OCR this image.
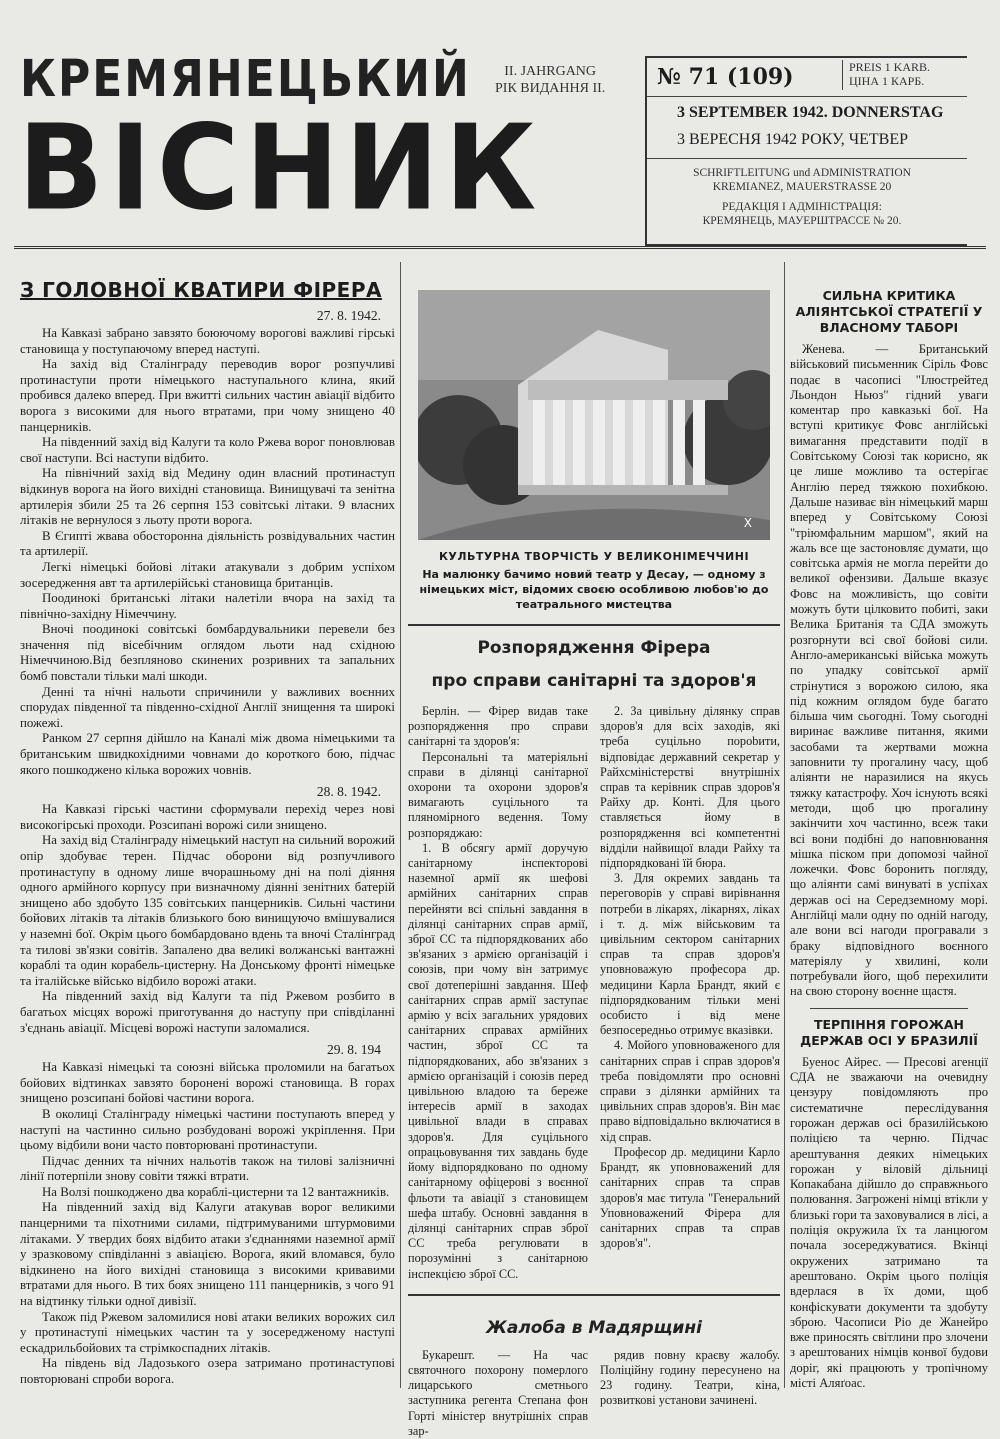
КРЕМЯНЕЦЬКИЙ
ВІСНИК
II. JAHRGANG
РІК ВИДАННЯ II. № 71 (109)	PREIS 1 KARB.
ЦІНА 1 КАРБ.
3 SEPTEMBER 1942. DONNERSTAG
3 ВЕРЕСНЯ 1942 РОКУ, ЧЕТВЕР
SCHRIFTLEITUNG und ADMINISTRATION
KREMIANEZ, MAUERSTRASSE 20
РЕДАКЦІЯ І АДМІНІСТРАЦІЯ:
КРЕМЯНЕЦЬ, МАУЕРШТРАССЕ № 20.
З ГОЛОВНОЇ КВАТИРИ ФІРЕРА
27. 8. 1942.

На Кавказі забрано завзято боюючому ворогові важливі гірські становища у поступаючому вперед наступі.

На захід від Сталінграду переводив ворог розпучливі протинаступи проти німецького наступального клина, який пробився далеко вперед. При вжитті сильних частин авіації відбито ворога з високими для нього втратами, при чому знищено 40 панцерників.

На південний захід від Калуги та коло Ржева ворог поновлював свої наступи. Всі наступи відбито.

На північний захід від Медину один власний протинаступ відкинув ворога на його вихідні становища. Винищувачі та зенітна артилерія збили 25 та 26 серпня 153 совітські літаки. 9 власних літаків не вернулося з льоту проти ворога.

В Єгипті жвава обосторонна діяльність розвідувальних частин та артилерії.

Легкі німецькі бойові літаки атакували з добрим успіхом зосередження авт та артилерійські становища британців.

Поодинокі британські літаки налетіли вчора на захід та північно-західну Німеччину.

Вночі поодинокі совітські бомбардувальники перевели без значення під вісебічним оглядом льоти над східною Німеччиною.Від безпляново скинених розривних та запальних бомб повстали тільки малі шкоди.

Денні та нічні нальоти спричинили у важливих воєнних спорудах південної та південно-східної Англії знищення та широкі пожежі.

Ранком 27 серпня дійшло на Каналі між двома німецькими та британським швидкохідними човнами до короткого бою, підчас якого пошкоджено кілька ворожих човнів.

28. 8. 1942.

На Кавказі гірські частини сформували перехід через нові високогірські проходи. Розсипані ворожі сили знищено.

На захід від Сталінграду німецький наступ на сильний ворожий опір здобуває терен. Підчас оборони від розпучливого протинаступу в одному лише вчорашньому дні на полі діяння одного армійного корпусу при визначному діянні зенітних батерій знищено або здобуто 135 совітських панцерників. Сильні частини бойових літаків та літаків близького бою винищуючо вмішувалися у наземні бої. Окрім цього бомбардовано вдень та вночі Сталінград та тилові зв'язки совітів. Запалено два великі волжанські вантажні кораблі та один корабель-цистерну. На Донському фронті німецьке та італійське військо відбило ворожі атаки.

На південний захід від Калуги та під Ржевом розбито в багатьох місцях ворожі приготування до наступу при співділанні з'єднань авіації. Місцеві ворожі наступи заломалися.

29. 8. 194

На Кавказі німецькі та союзні війська проломили на багатьох бойових відтинках завзято боронені ворожі становища. В горах знищено розсипані бойові частини ворога.

В околиці Сталінграду німецькі частини поступають вперед у наступі на частинно сильно розбудовані ворожі укріплення. При цьому відбили вони часто повторювані протинаступи.

Підчас денних та нічних нальотів також на тилові залізничні лінії потерпіли знову совіти тяжкі втрати.

На Волзі пошкоджено два кораблі-цистерни та 12 вантажників.

На південний захід від Калуги атакував ворог великими панцерними та піхотними силами, підтримуваними штурмовими літаками. У твердих боях відбито атаки з'єднаннями наземної армії у зразковому співділанні з авіацією. Ворога, який вломався, було відкинено на його вихідні становища з високими кривавими втратами для нього. В тих боях знищено 111 панцерників, з чого 91 на відтинку тільки одної дивізії.

Також під Ржевом заломилися нові атаки великих ворожих сил у протинаступі німецьких частин та у зосередженому наступі ескадрильбойових та стрімкоспадних літаків.

На південь від Ладозького озера затримано протинаступові повторювані спроби ворога.

Х
КУЛЬТУРНА ТВОРЧІСТЬ У ВЕЛИКОНІМЕЧЧИНІ
На малюнку бачимо новий театр у Десау, — одному з німецьких міст, відомих своєю особливою любов'ю до театрального мистецтва
Розпорядження Фірера
про справи санітарні та здоров'я

Берлін. — Фірер видав таке розпорядження про справи санітарні та здоров'я:

Персональні та матеріяльні справи в ділянці санітарної охорони та охорони здоров'я вимагають суцільного та пляномірного ведення. Тому розпоряджаю:

1. В обсягу армії доручую санітарному інспекторові наземної армії як шефові армійних санітарних справ перейняти всі спільні завдання в ділянці санітарних справ армії, зброї СС та підпорядкованих або зв'язаних з армією організацій і союзів, при чому він затримує свої дотеперішні завдання. Шеф санітарних справ армії заступає армію у всіх загальних урядових санітарних справах армійних частин, зброї СС та підпорядкованих, або зв'язаних з армією організацій і союзів перед цивільною владою та береже інтересів армії в заходах цивільної влади в справах здоров'я. Для суцільного опрацьовування тих завдань буде йому відпорядковано по одному санітарному офіцерові з воєнної фльоти та авіації з становищем шефа штабу. Основні завдання в ділянці санітарних справ зброї СС треба регулювати в порозумінні з санітарною інспекцією зброї СС.

2. За цивільну ділянку справ здоров'я для всіх заходів, які треба суцільно порobити, відповідає державний секретар у Райхсміністерстві внутрішніх справ та керівник справ здоров'я Райху др. Конті. Для цього ставляється йому в розпорядження всі компетентні відділи найвищої влади Райху та підпорядковані їй бюра.

3. Для окремих завдань та переговорів у справі вирівнання потреби в лікарях, лікарнях, ліках і т. д. між військовим та цивільним сектором санітарних справ та справ здоров'я уповноважую професора др. медицини Карла Брандт, який є підпорядкованим тільки мені особисто і від мене безпосередньо отримує вказівки.

4. Мойого уповноваженого для санітарних справ і справ здоров'я треба повідомляти про основні справи з ділянки армійних та цивільних справ здоров'я. Він має право відповідально включатися в хід справ.

Професор др. медицини Карло Брандт, як уповноважений для санітарних справ та справ здоров'я має титула "Генеральний Уповноважений Фірера для санітарних справ та справ здоров'я".

Жалоба в Мадярщині

Букарешт. — На час святочного похорону померлого лицарського сметнього заступника регента Степана фон Горті міністер внутрішніх справ зар-

рядив повну краєву жалобу. Поліційну годину пересунено на 23 годину. Театри, кіна, розвиткові установи зачинені.

СИЛЬНА КРИТИКА АЛІЯНТСЬКОЇ СТРАТЕГІЇ У ВЛАСНОМУ ТАБОРІ

Женева. — Британський військовий письменник Сіріль Фовс подає в часописі "Ілюстрейтед Льондон Ньюз" гідний уваги коментар про кавказькі бої. На вступі критикує Фовс англійські вимагання представити події в Совітському Союзі так корисно, як це лише можливо та остерігає Англію перед тяжкою похибкою. Дальше називає він німецький марш вперед у Совітському Союзі "тріюмфальним маршом", який на жаль все ще застоновляє думати, що совітська армія не могла перейти до великої офензиви. Дальше вказує Фовс на можливість, що совіти можуть бути цілковито побиті, заки Велика Британія та СДА зможуть розгорнути всі свої бойові сили. Англо-американські війська можуть по упадку совітської армії стрінутися з ворожою силою, яка під кожним оглядом буде багато більша чим сьогодні. Тому сьогодні виринає важливе питання, якими засобами та жертвами можна заповнити ту прогалину часу, щоб аліянти не наразилися на якусь тяжку катастрофу. Хоч існують всякі методи, щоб цю прогалину закінчити хоч частинно, всеж таки всі вони подібні до наповнювання мішка піском при допомозі чайної ложечки. Фовс боронить погляду, що аліянти самі винуваті в успіхах держав осі на Середземному морі. Англійці мали одну по одній нагоду, але вони всі нагоди програвали з браку відповідного воєнного матеріялу у хвилині, коли потребували його, щоб перехилити на свою сторону воєнне щастя.

ТЕРПІННЯ ГОРОЖАН ДЕРЖАВ ОСІ У БРАЗИЛІЇ

Буенос Айрес. — Пресові агенції СДА не зважаючи на очевидну цензуру повідомляють про систематичне переслідування горожан держав осі бразилійською поліцією та черню. Підчас арештування деяких німецьких горожан у віловій дільниці Копакабана дійшло до справжнього полювання. Загрожені німці втікли у близькі гори та заховувалися в лісі, а поліція окружила їх та ланцюгом почала зосереджуватися. Вкінці окружених затримано та арештовано. Окрім цього поліція вдерлася в їх доми, щоб конфіскувати документи та здобуту зброю. Часописи Ріо де Жанейро вже приносять світлини про злочени з арештованих німців конвої будови доріг, які працюють у тропічному місті Аляґоас.
